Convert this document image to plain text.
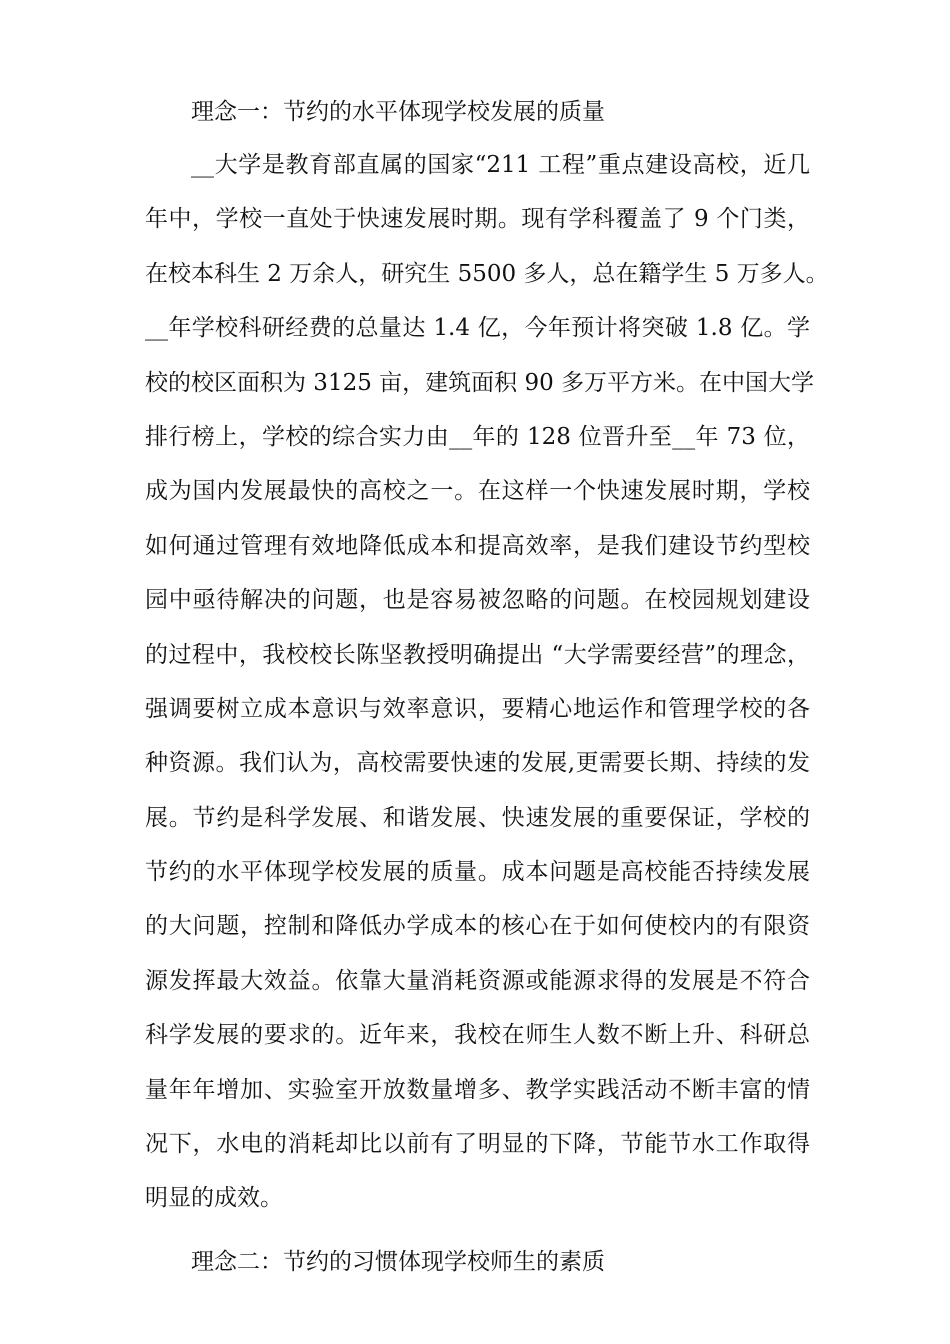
理念一：节约的水平体现学校发展的质量
__大学是教育部直属的国家“211 工程”重点建设高校，近几
年中，学校一直处于快速发展时期。现有学科覆盖了 9 个门类，
在校本科生 2 万余人，研究生 5500 多人，总在籍学生 5 万多人。
__年学校科研经费的总量达 1.4 亿，今年预计将突破 1.8 亿。学
校的校区面积为 3125 亩，建筑面积 90 多万平方米。在中国大学
排行榜上，学校的综合实力由__年的 128 位晋升至__年 73 位，
成为国内发展最快的高校之一。在这样一个快速发展时期，学校
如何通过管理有效地降低成本和提高效率，是我们建设节约型校
园中亟待解决的问题，也是容易被忽略的问题。在校园规划建设
的过程中，我校校长陈坚教授明确提出 “大学需要经营”的理念，
强调要树立成本意识与效率意识，要精心地运作和管理学校的各
种资源。我们认为，高校需要快速的发展,更需要长期、持续的发
展。节约是科学发展、和谐发展、快速发展的重要保证，学校的
节约的水平体现学校发展的质量。成本问题是高校能否持续发展
的大问题，控制和降低办学成本的核心在于如何使校内的有限资
源发挥最大效益。依靠大量消耗资源或能源求得的发展是不符合
科学发展的要求的。近年来，我校在师生人数不断上升、科研总
量年年增加、实验室开放数量增多、教学实践活动不断丰富的情
况下，水电的消耗却比以前有了明显的下降，节能节水工作取得
明显的成效。
理念二：节约的习惯体现学校师生的素质
